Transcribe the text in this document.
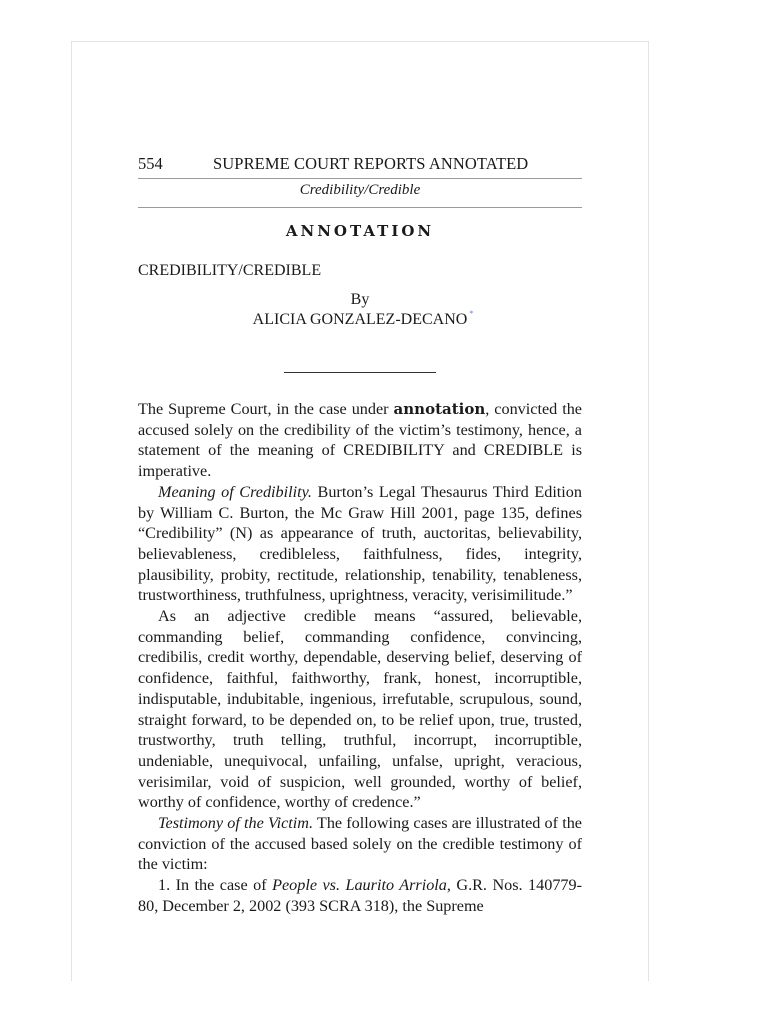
554	SUPREME COURT REPORTS ANNOTATED
Credibility/Credible
ANNOTATION
CREDIBILITY/CREDIBLE
By
ALICIA GONZALEZ-DECANO *

The Supreme Court, in the case under annotation, convicted the accused solely on the credibility of the victim’s testimony, hence, a statement of the meaning of CREDIBILITY and CREDIBLE is imperative.

Meaning of Credibility. Burton’s Legal Thesaurus Third Edition by William C. Burton, the Mc Graw Hill 2001, page 135, defines “Credibility” (N) as appearance of truth, auctoritas, believability, believableness, credibleless, faithfulness, fides, integrity, plausibility, probity, rectitude, relationship, tenability, tenableness, trustworthiness, truthfulness, uprightness, veracity, verisimilitude.”

As an adjective credible means “assured, believable, commanding belief, commanding confidence, convincing, credibilis, credit worthy, dependable, deserving belief, deserving of confidence, faithful, faithworthy, frank, honest, incorruptible, indisputable, indubitable, ingenious, irrefutable, scrupulous, sound, straight forward, to be depended on, to be relief upon, true, trusted, trustworthy, truth telling, truthful, incorrupt, incorruptible, undeniable, unequivocal, unfailing, unfalse, upright, veracious, verisimilar, void of suspicion, well grounded, worthy of belief, worthy of confidence, worthy of credence.”

Testimony of the Victim. The following cases are illustrated of the conviction of the accused based solely on the credible testimony of the victim:

1. In the case of People vs. Laurito Arriola, G.R. Nos. 140779-80, December 2, 2002 (393 SCRA 318), the Supreme
